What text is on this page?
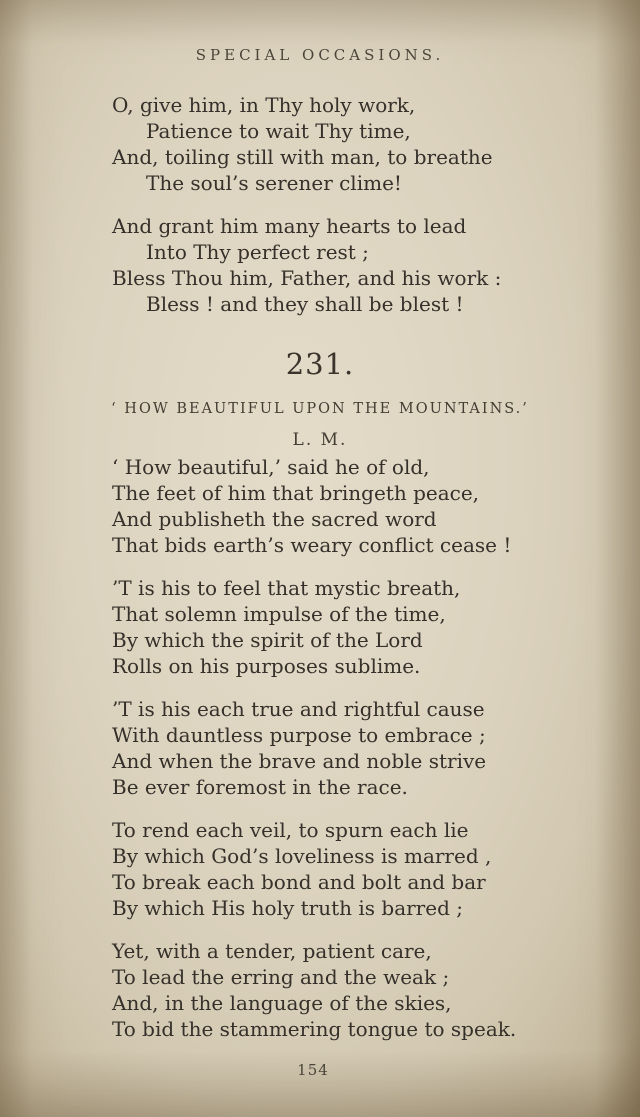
SPECIAL OCCASIONS.
O, give him, in Thy holy work,
Patience to wait Thy time,
And, toiling still with man, to breathe
The soul’s serener clime!
And grant him many hearts to lead
Into Thy perfect rest ;
Bless Thou him, Father, and his work :
Bless ! and they shall be blest !
231.
‘ HOW BEAUTIFUL UPON THE MOUNTAINS.’
L. M.
‘ How beautiful,’ said he of old,
The feet of him that bringeth peace,
And publisheth the sacred word
That bids earth’s weary conflict cease !
’T is his to feel that mystic breath,
That solemn impulse of the time,
By which the spirit of the Lord
Rolls on his purposes sublime.
’T is his each true and rightful cause
With dauntless purpose to embrace ;
And when the brave and noble strive
Be ever foremost in the race.
To rend each veil, to spurn each lie
By which God’s loveliness is marred ,
To break each bond and bolt and bar
By which His holy truth is barred ;
Yet, with a tender, patient care,
To lead the erring and the weak ;
And, in the language of the skies,
To bid the stammering tongue to speak.
154
